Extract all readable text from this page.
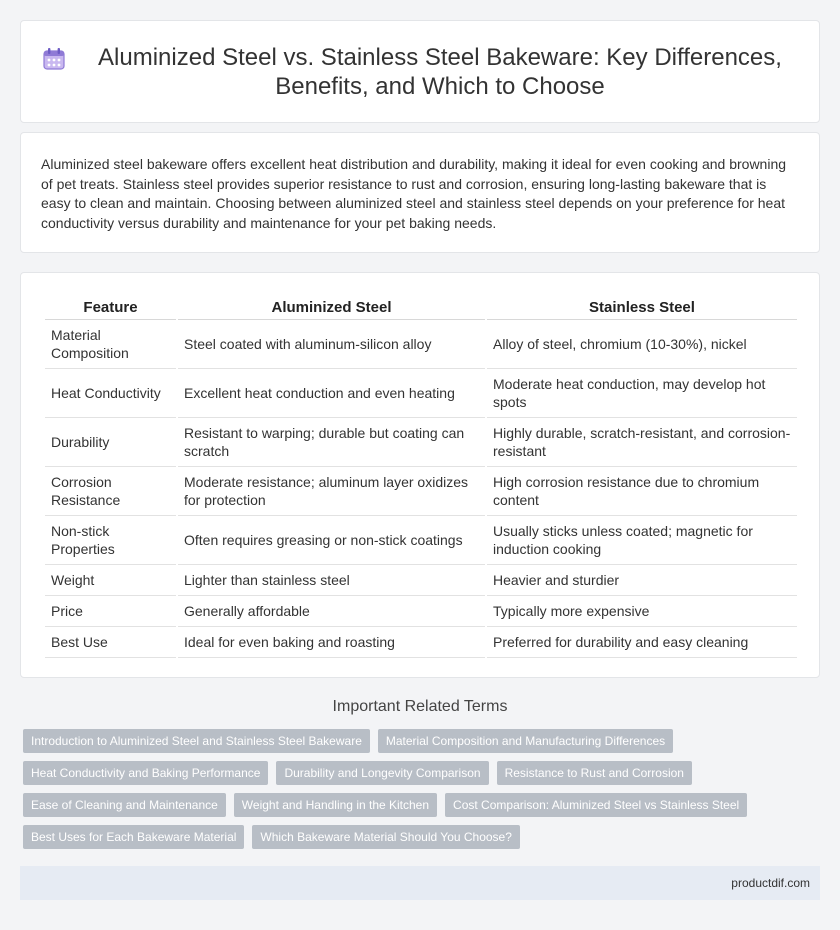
Aluminized Steel vs. Stainless Steel Bakeware: Key Differences, Benefits, and Which to Choose

Aluminized steel bakeware offers excellent heat distribution and durability, making it ideal for even cooking and browning of pet treats. Stainless steel provides superior resistance to rust and corrosion, ensuring long-lasting bakeware that is easy to clean and maintain. Choosing between aluminized steel and stainless steel depends on your preference for heat conductivity versus durability and maintenance for your pet baking needs.

Feature	Aluminized Steel	Stainless Steel
Material Composition	Steel coated with aluminum-silicon alloy	Alloy of steel, chromium (10-30%), nickel
Heat Conductivity	Excellent heat conduction and even heating	Moderate heat conduction, may develop hot spots
Durability	Resistant to warping; durable but coating can scratch	Highly durable, scratch-resistant, and corrosion-resistant
Corrosion Resistance	Moderate resistance; aluminum layer oxidizes for protection	High corrosion resistance due to chromium content
Non-stick Properties	Often requires greasing or non-stick coatings	Usually sticks unless coated; magnetic for induction cooking
Weight	Lighter than stainless steel	Heavier and sturdier
Price	Generally affordable	Typically more expensive
Best Use	Ideal for even baking and roasting	Preferred for durability and easy cleaning
Important Related Terms
Introduction to Aluminized Steel and Stainless Steel Bakeware	Material Composition and Manufacturing Differences
Heat Conductivity and Baking Performance	Durability and Longevity Comparison	Resistance to Rust and Corrosion
Ease of Cleaning and Maintenance	Weight and Handling in the Kitchen	Cost Comparison: Aluminized Steel vs Stainless Steel
Best Uses for Each Bakeware Material	Which Bakeware Material Should You Choose?
productdif.com
